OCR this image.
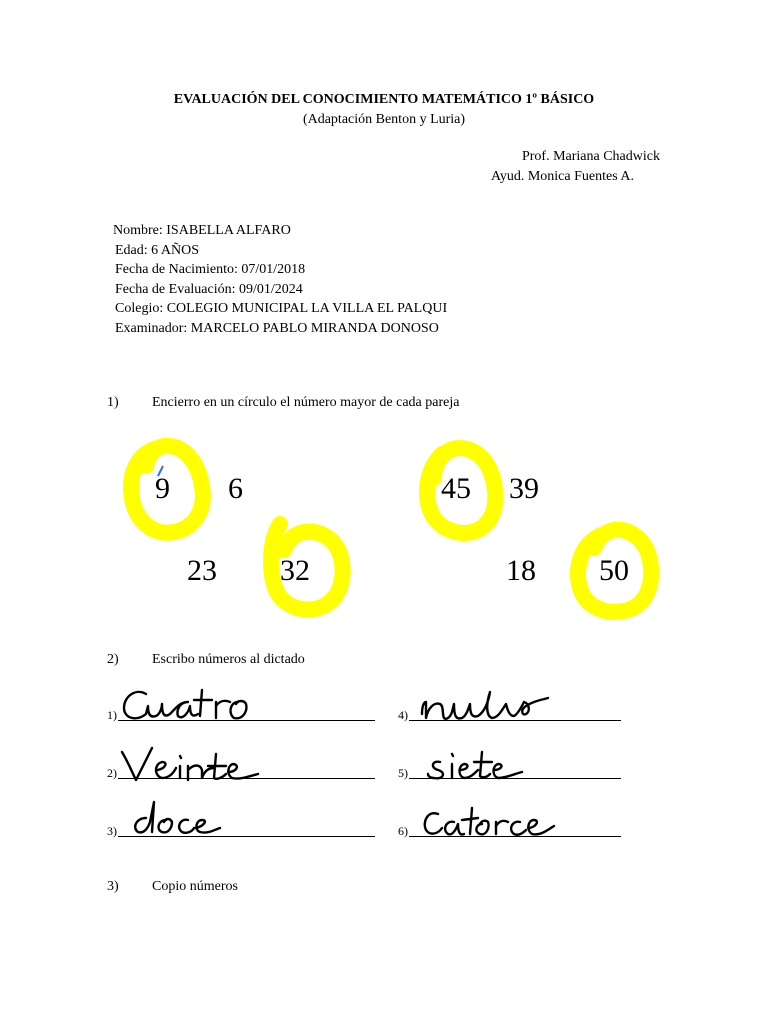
EVALUACIÓN DEL CONOCIMIENTO MATEMÁTICO 1º BÁSICO
(Adaptación Benton y Luria)
Prof. Mariana Chadwick
Ayud. Monica Fuentes A.
Nombre: ISABELLA ALFARO
Edad: 6 AÑOS
Fecha de Nacimiento: 07/01/2018
Fecha de Evaluación: 09/01/2024
Colegio: COLEGIO MUNICIPAL LA VILLA EL PALQUI
Examinador: MARCELO PABLO MIRANDA DONOSO
1) Encierro en un círculo el número mayor de cada pareja
9 6	45 39
23 32	18 50
2) Escribo números al dictado
1)	4)
2)	5)
3)	6)
3) Copio números
